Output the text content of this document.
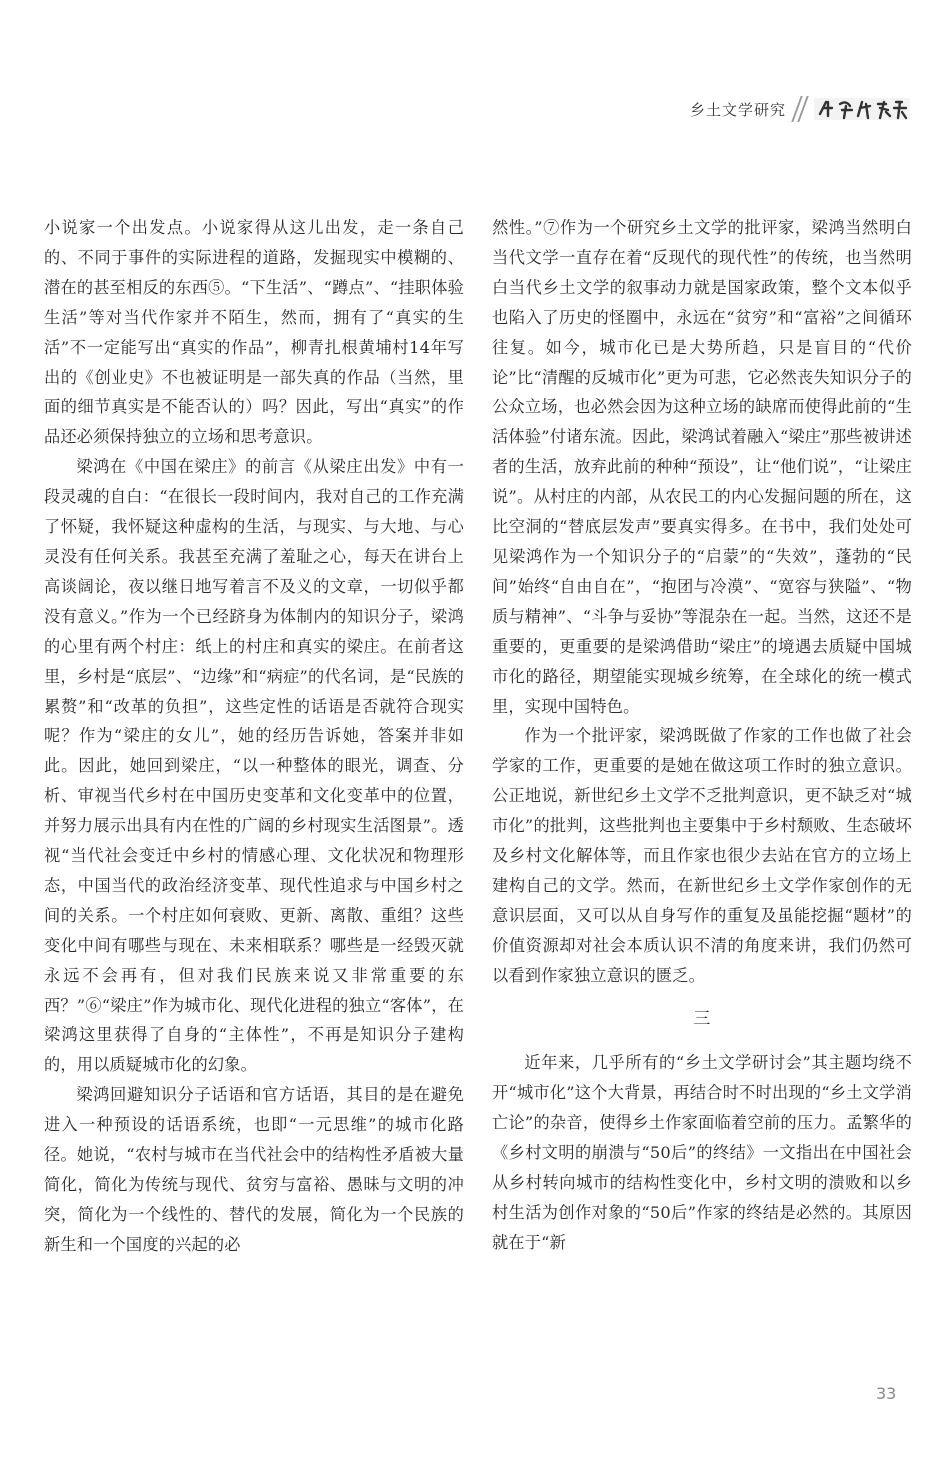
乡土文学研究

小说家一个出发点。小说家得从这儿出发，走一条自己的、不同于事件的实际进程的道路，发掘现实中模糊的、潜在的甚至相反的东西⑤。“下生活”、“蹲点”、“挂职体验生活”等对当代作家并不陌生，然而，拥有了“真实的生活”不一定能写出“真实的作品”，柳青扎根黄埔村14年写出的《创业史》不也被证明是一部失真的作品（当然，里面的细节真实是不能否认的）吗？因此，写出“真实”的作品还必须保持独立的立场和思考意识。

梁鸿在《中国在梁庄》的前言《从梁庄出发》中有一段灵魂的自白：“在很长一段时间内，我对自己的工作充满了怀疑，我怀疑这种虚构的生活，与现实、与大地、与心灵没有任何关系。我甚至充满了羞耻之心，每天在讲台上高谈阔论，夜以继日地写着言不及义的文章，一切似乎都没有意义。”作为一个已经跻身为体制内的知识分子，梁鸿的心里有两个村庄：纸上的村庄和真实的梁庄。在前者这里，乡村是“底层”、“边缘”和“病症”的代名词，是“民族的累赘”和“改革的负担”，这些定性的话语是否就符合现实呢？作为“梁庄的女儿”，她的经历告诉她，答案并非如此。因此，她回到梁庄，“以一种整体的眼光，调查、分析、审视当代乡村在中国历史变革和文化变革中的位置，并努力展示出具有内在性的广阔的乡村现实生活图景”。透视“当代社会变迁中乡村的情感心理、文化状况和物理形态，中国当代的政治经济变革、现代性追求与中国乡村之间的关系。一个村庄如何衰败、更新、离散、重组？这些变化中间有哪些与现在、未来相联系？哪些是一经毁灭就永远不会再有，但对我们民族来说又非常重要的东西？”⑥“梁庄”作为城市化、现代化进程的独立“客体”，在梁鸿这里获得了自身的“主体性”，不再是知识分子建构的，用以质疑城市化的幻象。

梁鸿回避知识分子话语和官方话语，其目的是在避免进入一种预设的话语系统，也即“一元思维”的城市化路径。她说，“农村与城市在当代社会中的结构性矛盾被大量简化，简化为传统与现代、贫穷与富裕、愚昧与文明的冲突，简化为一个线性的、替代的发展，简化为一个民族的新生和一个国度的兴起的必

然性。”⑦作为一个研究乡土文学的批评家，梁鸿当然明白当代文学一直存在着“反现代的现代性”的传统，也当然明白当代乡土文学的叙事动力就是国家政策，整个文本似乎也陷入了历史的怪圈中，永远在“贫穷”和“富裕”之间循环往复。如今，城市化已是大势所趋，只是盲目的“代价论”比“清醒的反城市化”更为可悲，它必然丧失知识分子的公众立场，也必然会因为这种立场的缺席而使得此前的“生活体验”付诸东流。因此，梁鸿试着融入“梁庄”那些被讲述者的生活，放弃此前的种种“预设”，让“他们说”，“让梁庄说”。从村庄的内部，从农民工的内心发掘问题的所在，这比空洞的“替底层发声”要真实得多。在书中，我们处处可见梁鸿作为一个知识分子的“启蒙”的“失效”，蓬勃的“民间”始终“自由自在”，“抱团与冷漠”、“宽容与狭隘”、“物质与精神”、“斗争与妥协”等混杂在一起。当然，这还不是重要的，更重要的是梁鸿借助“梁庄”的境遇去质疑中国城市化的路径，期望能实现城乡统筹，在全球化的统一模式里，实现中国特色。

作为一个批评家，梁鸿既做了作家的工作也做了社会学家的工作，更重要的是她在做这项工作时的独立意识。公正地说，新世纪乡土文学不乏批判意识，更不缺乏对“城市化”的批判，这些批判也主要集中于乡村颓败、生态破坏及乡村文化解体等，而且作家也很少去站在官方的立场上建构自己的文学。然而，在新世纪乡土文学作家创作的无意识层面，又可以从自身写作的重复及虽能挖掘“题材”的价值资源却对社会本质认识不清的角度来讲，我们仍然可以看到作家独立意识的匮乏。

三

近年来，几乎所有的“乡土文学研讨会”其主题均绕不开“城市化”这个大背景，再结合时不时出现的“乡土文学消亡论”的杂音，使得乡土作家面临着空前的压力。孟繁华的《乡村文明的崩溃与“50后”的终结》一文指出在中国社会从乡村转向城市的结构性变化中，乡村文明的溃败和以乡村生活为创作对象的“50后”作家的终结是必然的。其原因就在于“新

33
